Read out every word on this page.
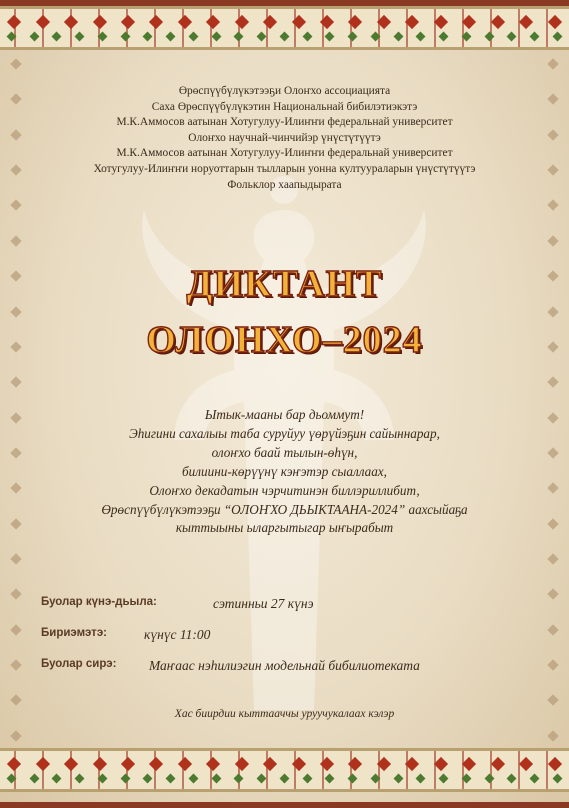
Өрөспүүбүлүкэтээҕи Олоҥхо ассоциацията
Саха Өрөспүүбүлүкэтин Национальнай бибилэтиэкэтэ
М.К.Аммосов аатынан Хотугулуу-Илиҥҥи федеральнай университет
Олоҥхо научнай-чинчийэр үнүстүтүүтэ
М.К.Аммосов аатынан Хотугулуу-Илиҥҥи федеральнай университет
Хотугулуу-Илиҥҥи норуоттарын тылларын уонна култуураларын үнүстүтүүтэ
Фольклор хаапыдырата
ДИКТАНТ
ОЛОНХО–2024
Ытык-мааны бар дьоммут!
Эһигини сахалыы таба суруйуу үөрүйэҕин сайыннарар,
олоҥхо баай тылын-өһүн,
билиини-көрүүнү кэҥэтэр сыаллаах,
Олоҥхо декадатын чэрчитинэн биллэриллибит,
Өрөспүүбүлүкэтээҕи “ОЛОҤХО ДЬЫКТААНА-2024” аахсыйаҕа
кыттыыны ыларгытыгар ыҥырабыт
Буолар күнэ-дьыла:	сэтинньи 27 күнэ
Бириэмэтэ:	күнүс 11:00
Буолар сирэ: Маҥаас нэһилиэгин модельнай бибилиотеката
Хас биирдии кыттааччы уруучукалаах кэлэр
